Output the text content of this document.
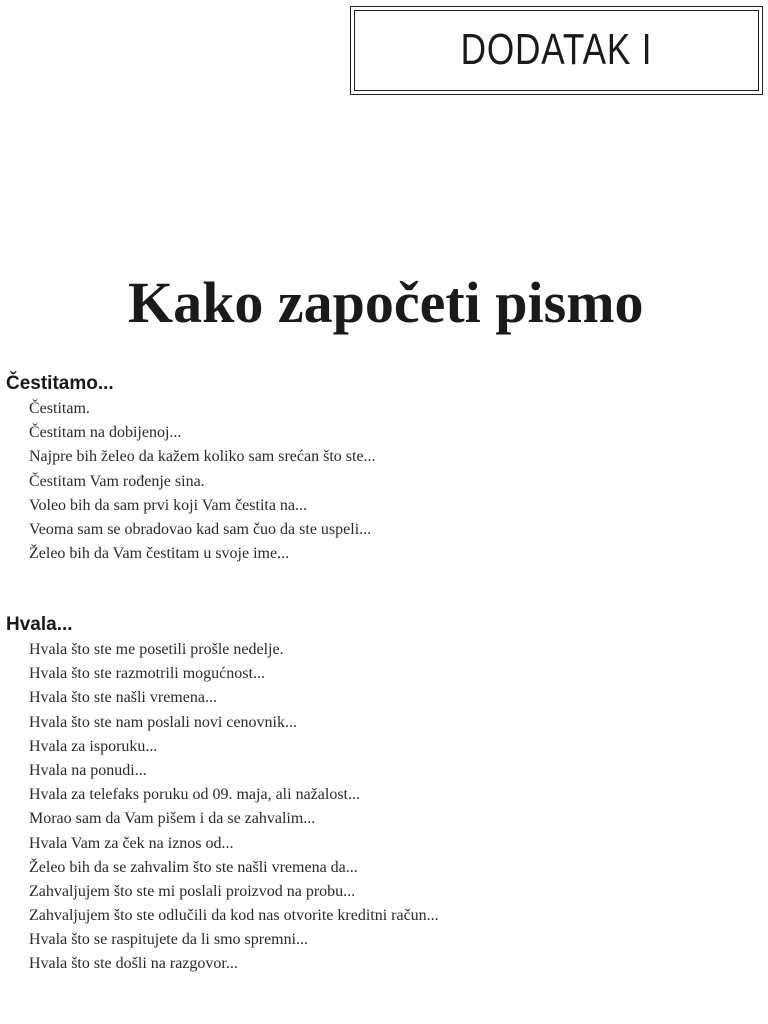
DODATAK I
Kako započeti pismo
Čestitamo...
Čestitam.
Čestitam na dobijenoj...
Najpre bih želeo da kažem koliko sam srećan što ste...
Čestitam Vam rođenje sina.
Voleo bih da sam prvi koji Vam čestita na...
Veoma sam se obradovao kad sam čuo da ste uspeli...
Želeo bih da Vam čestitam u svoje ime...
Hvala...
Hvala što ste me posetili prošle nedelje.
Hvala što ste razmotrili mogućnost...
Hvala što ste našli vremena...
Hvala što ste nam poslali novi cenovnik...
Hvala za isporuku...
Hvala na ponudi...
Hvala za telefaks poruku od 09. maja, ali nažalost...
Morao sam da Vam pišem i da se zahvalim...
Hvala Vam za ček na iznos od...
Želeo bih da se zahvalim što ste našli vremena da...
Zahvaljujem što ste mi poslali proizvod na probu...
Zahvaljujem što ste odlučili da kod nas otvorite kreditni račun...
Hvala što se raspitujete da li smo spremni...
Hvala što ste došli na razgovor...
